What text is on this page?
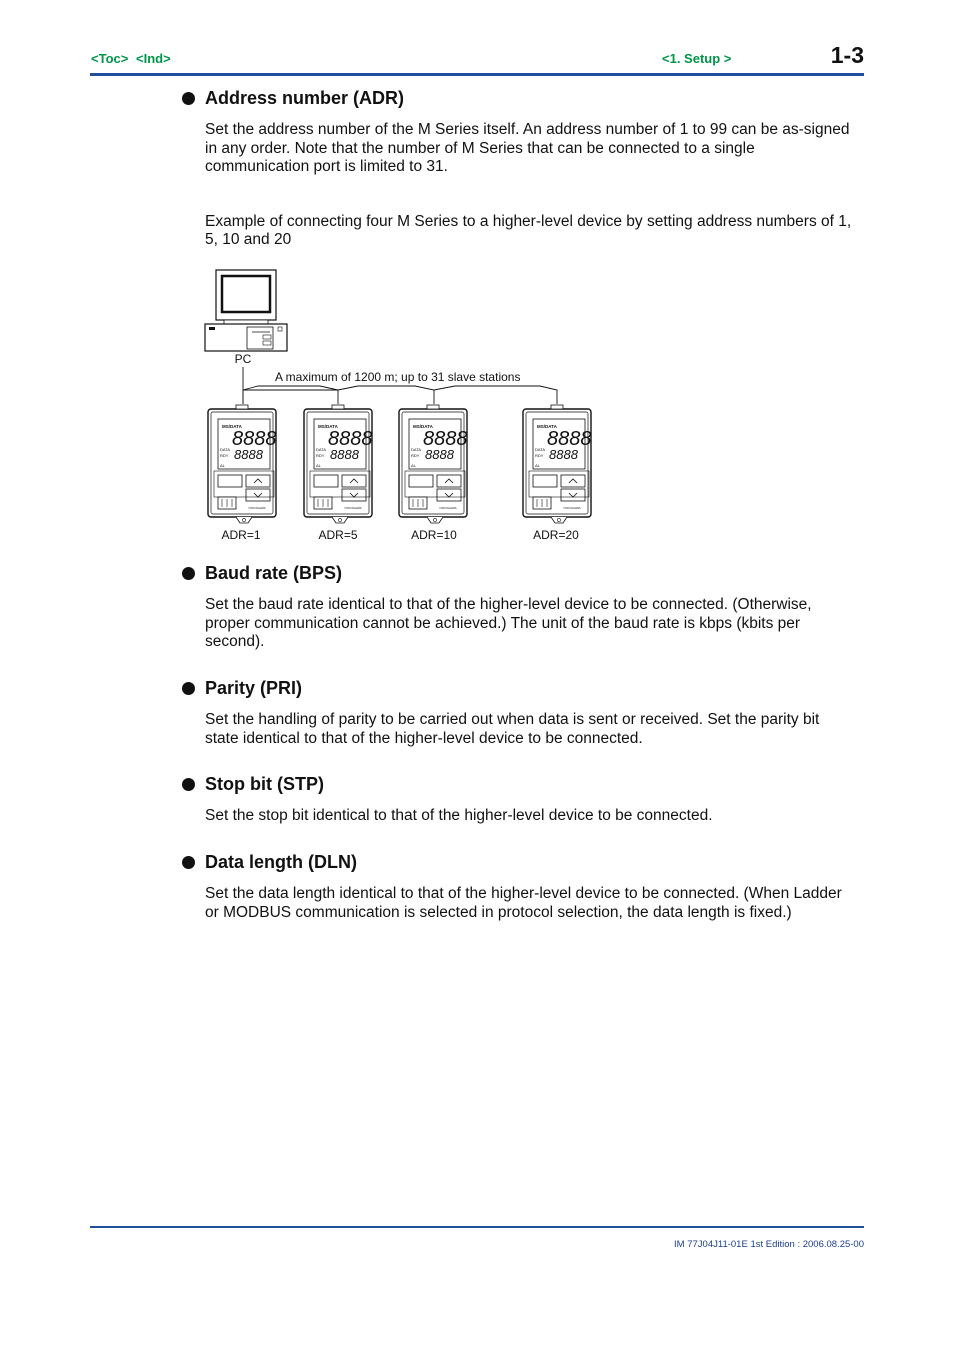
<Toc> <Ind>	<1. Setup >	1-3
Address number (ADR)

Set the address number of the M Series itself. An address number of 1 to 99 can be as-signed in any order. Note that the number of M Series that can be connected to a single communication port is limited to 31.

Example of connecting four M Series to a higher-level device by setting address numbers of 1, 5, 10 and 20

PC
A maximum of 1200 m; up to 31 slave stations
MS/DATA
8888
DATA
RDY 8888
AL
YOKOGAWA
MS/DATA
8888
DATA
RDY 8888
AL
YOKOGAWA
MS/DATA
8888
DATA
RDY 8888
AL
YOKOGAWA
MS/DATA
8888
DATA
RDY 8888
AL
YOKOGAWA
ADR=1	ADR=5	ADR=10	ADR=20
Baud rate (BPS)

Set the baud rate identical to that of the higher-level device to be connected. (Otherwise, proper communication cannot be achieved.) The unit of the baud rate is kbps (kbits per second).

Parity (PRI)

Set the handling of parity to be carried out when data is sent or received. Set the parity bit state identical to that of the higher-level device to be connected.

Stop bit (STP)

Set the stop bit identical to that of the higher-level device to be connected.

Data length (DLN)

Set the data length identical to that of the higher-level device to be connected. (When Ladder or MODBUS communication is selected in protocol selection, the data length is fixed.)

IM 77J04J11-01E 1st Edition : 2006.08.25-00
